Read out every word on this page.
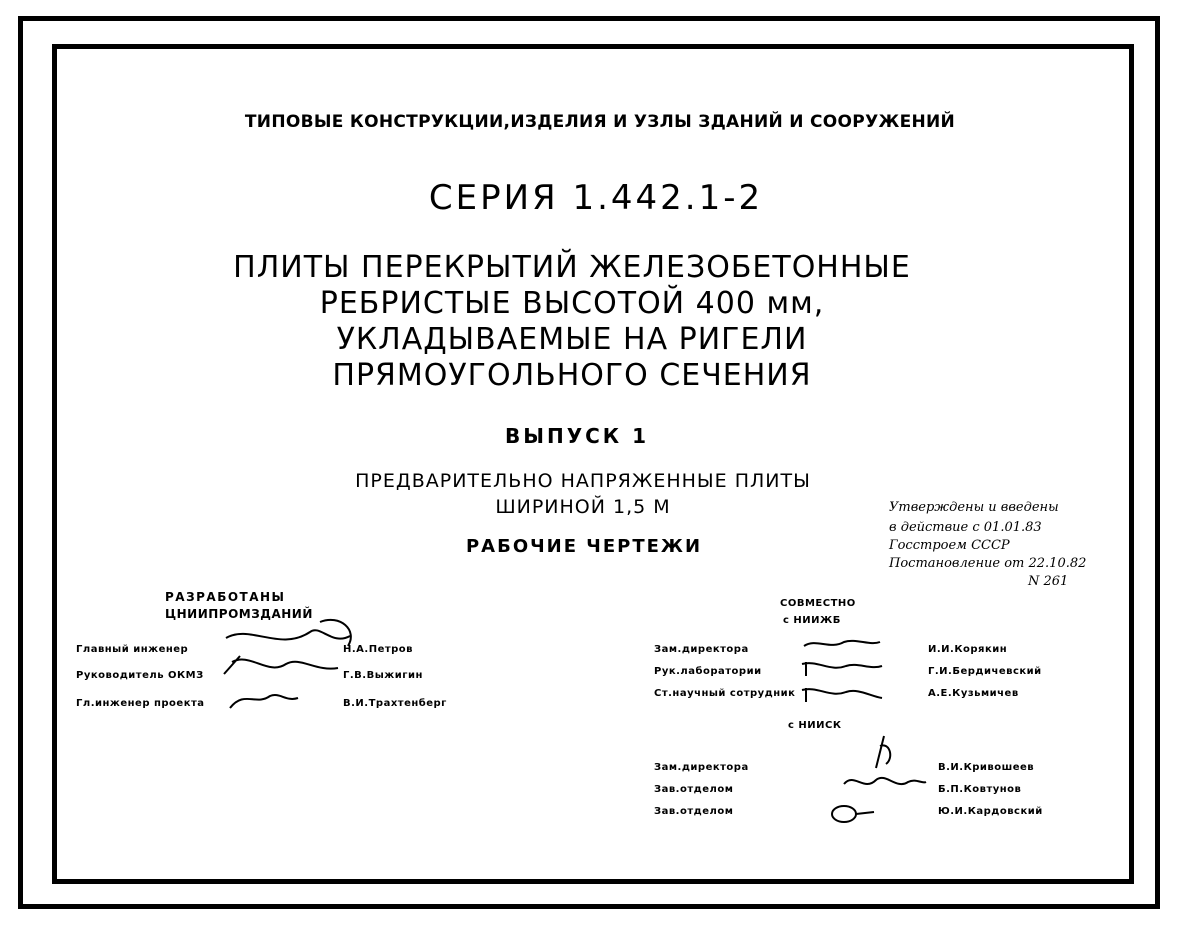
ТИПОВЫЕ КОНСТРУКЦИИ,ИЗДЕЛИЯ И УЗЛЫ ЗДАНИЙ И СООРУЖЕНИЙ
СЕРИЯ 1.442.1-2
ПЛИТЫ ПЕРЕКРЫТИЙ ЖЕЛЕЗОБЕТОННЫЕ
РЕБРИСТЫЕ ВЫСОТОЙ 400 мм,
УКЛАДЫВАЕМЫЕ НА РИГЕЛИ
ПРЯМОУГОЛЬНОГО СЕЧЕНИЯ
ВЫПУСК 1
ПРЕДВАРИТЕЛЬНО НАПРЯЖЕННЫЕ ПЛИТЫ
ШИРИНОЙ 1,5 М
РАБОЧИЕ ЧЕРТЕЖИ
Утверждены и введены
в действие с 01.01.83
Госстроем СССР
Постановление от 22.10.82
N 261
РАЗРАБОТАНЫ
ЦНИИПРОМЗДАНИЙ
Главный инженер
Руководитель ОКМЗ
Гл.инженер проекта
Н.А.Петров
Г.В.Выжигин
В.И.Трахтенберг
СОВМЕСТНО
с НИИЖБ
Зам.директора
Рук.лаборатории
Ст.научный сотрудник
И.И.Корякин
Г.И.Бердичевский
А.Е.Кузьмичев
с НИИСК
Зам.директора
Зав.отделом
Зав.отделом
В.И.Кривошеев
Б.П.Ковтунов
Ю.И.Кардовский
